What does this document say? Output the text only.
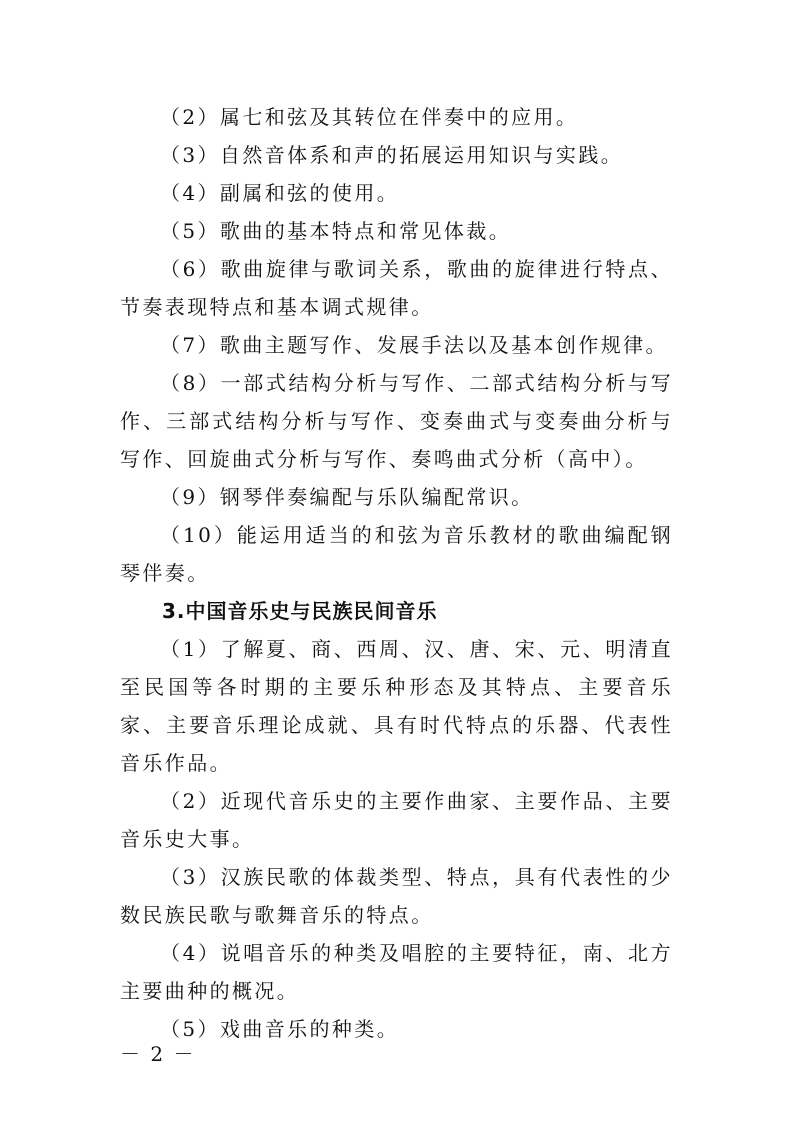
（2）属七和弦及其转位在伴奏中的应用。

（3）自然音体系和声的拓展运用知识与实践。

（4）副属和弦的使用。

（5）歌曲的基本特点和常见体裁。

（6）歌曲旋律与歌词关系，歌曲的旋律进行特点、节奏表现特点和基本调式规律。

（7）歌曲主题写作、发展手法以及基本创作规律。

（8）一部式结构分析与写作、二部式结构分析与写作、三部式结构分析与写作、变奏曲式与变奏曲分析与写作、回旋曲式分析与写作、奏鸣曲式分析（高中）。

（9）钢琴伴奏编配与乐队编配常识。

（10）能运用适当的和弦为音乐教材的歌曲编配钢琴伴奏。

3.中国音乐史与民族民间音乐

（1）了解夏、商、西周、汉、唐、宋、元、明清直至民国等各时期的主要乐种形态及其特点、主要音乐家、主要音乐理论成就、具有时代特点的乐器、代表性音乐作品。

（2）近现代音乐史的主要作曲家、主要作品、主要音乐史大事。

（3）汉族民歌的体裁类型、特点，具有代表性的少数民族民歌与歌舞音乐的特点。

（4）说唱音乐的种类及唱腔的主要特征，南、北方主要曲种的概况。

（5）戏曲音乐的种类。

－ 2 －
